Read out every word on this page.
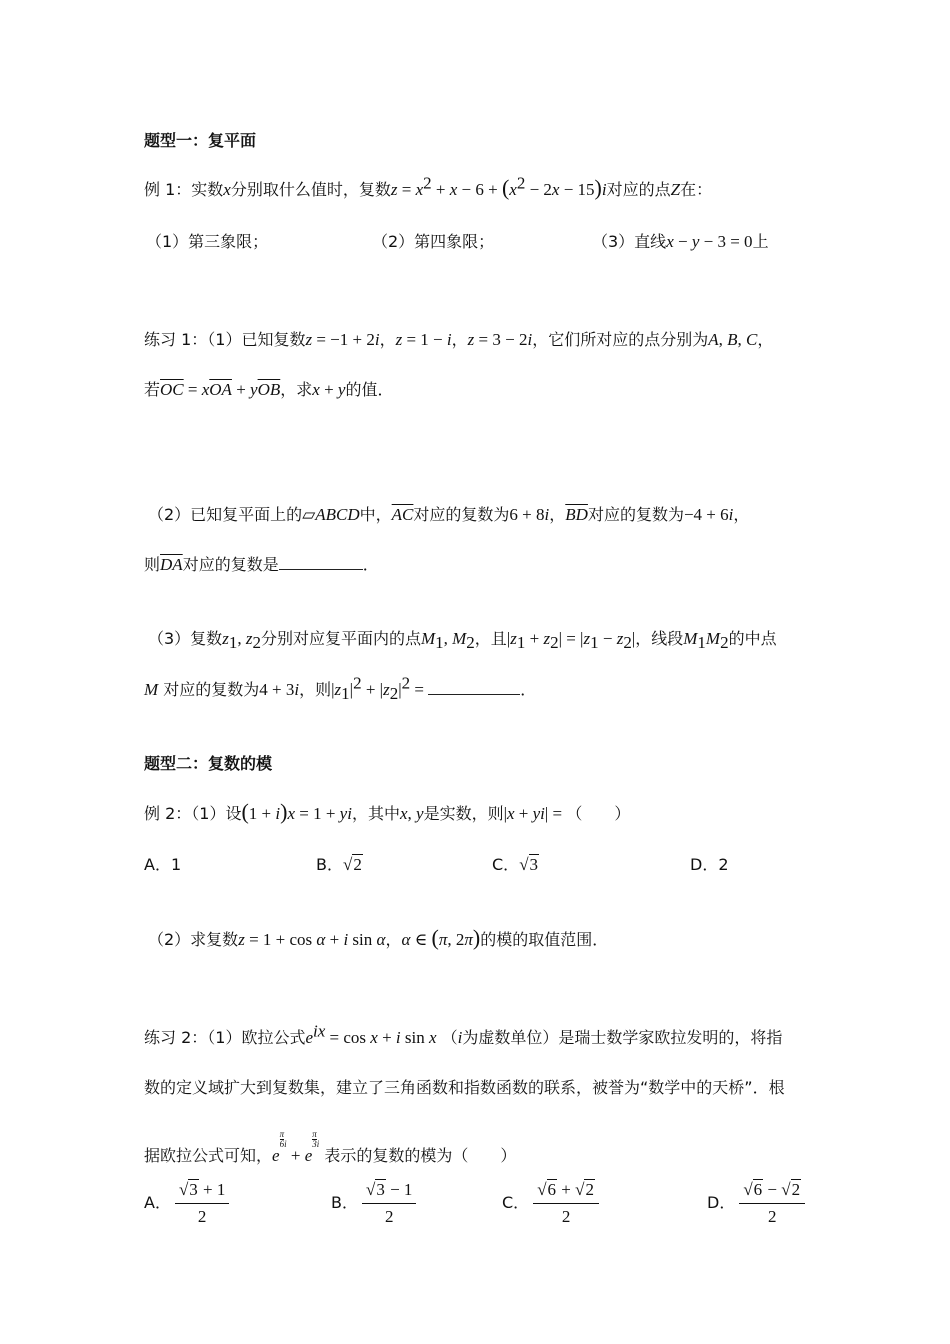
题型一：复平面
例 1：实数x分别取什么值时，复数$z = x^2 + x - 6 + (x^2 - 2x - 15)i$对应的点Z在：
（1）第三象限；	（2）第四象限；	（3）直线x − y − 3 = 0上
练习 1：（1）已知复数z = −1 + 2i，z = 1 − i，z = 3 − 2i，它们所对应的点分别为A, B, C，
若$\overline{OC} = x\overline{OA} + y\overline{OB}$，求x + y的值．
（2）已知复平面上的▱ABCD中，$\overline{AC}$对应的复数为6 + 8i，$\overline{BD}$对应的复数为−4 + 6i，
则$\overline{DA}$对应的复数是	．
（3）复数$z_1$, $z_2$分别对应复平面内的点$M_1$, $M_2$，且$|z_1 + z_2| = |z_1 - z_2|$，线段$M_1M_2$的中点
M 对应的复数为4 + 3i，则$|z_1|^2 + |z_2|^2$ =	．
题型二：复数的模
例 2：（1）设(1 + i)x = 1 + yi，其中x, y是实数，则|x + yi| = （　　）
A．1	B．√2	C．√3	D．2
（2）求复数z = 1 + cos α + i sin α，α ∈ (π, 2π)的模的取值范围．
练习 2：（1）欧拉公式$e^{ix} = \cos x + i$ sin x （i为虚数单位）是瑞士数学家欧拉发明的，将指
数的定义域扩大到复数集，建立了三角函数和指数函数的联系，被誉为“数学中的天桥”．根
据欧拉公式可知，e
$\frac{\pi}{6}^i + e$
$\frac{\pi}{3}^i$ 表示的复数的模为（　　）
A． $\frac{√3 + 1}{2}$	B． $\frac{√3 - 1}{2}$	C． $\frac{√6 + √2}{2}$	D． $\frac{√6 - √2}{2}$
